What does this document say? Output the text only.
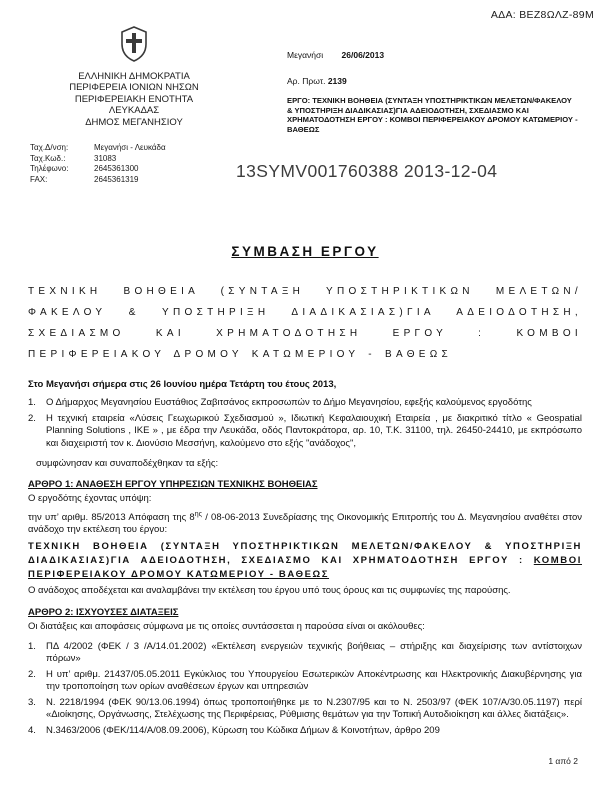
ΑΔΑ: ΒΕΖ8ΩΛΖ-89Μ
ΕΛΛΗΝΙΚΗ ΔΗΜΟΚΡΑΤΙΑ
ΠΕΡΙΦΕΡΕΙΑ ΙΟΝΙΩΝ ΝΗΣΩΝ
ΠΕΡΙΦΕΡΕΙΑΚΗ ΕΝΟΤΗΤΑ
ΛΕΥΚΑΔΑΣ
ΔΗΜΟΣ ΜΕΓΑΝΗΣΙΟΥ
Ταχ.Δ/νση:	Μεγανήσι - Λευκάδα
Ταχ.Κωδ.:	31083
Τηλέφωνο:	2645361300
FAX:	2645361319
Μεγανήσι 26/06/2013
Αρ. Πρωτ. 2139
ΕΡΓΟ: ΤΕΧΝΙΚΗ ΒΟΗΘΕΙΑ (ΣΥΝΤΑΞΗ ΥΠΟΣΤΗΡΙΚΤΙΚΩΝ ΜΕΛΕΤΩΝ/ΦΑΚΕΛΟΥ & ΥΠΟΣΤΗΡΙΞΗ ΔΙΑΔΙΚΑΣΙΑΣ)ΓΙΑ ΑΔΕΙΟΔΟΤΗΣΗ, ΣΧΕΔΙΑΣΜΟ ΚΑΙ ΧΡΗΜΑΤΟΔΟΤΗΣΗ ΕΡΓΟΥ : ΚΟΜΒΟΙ ΠΕΡΙΦΕΡΕΙΑΚΟΥ ΔΡΟΜΟΥ ΚΑΤΩΜΕΡΙΟΥ - ΒΑΘΕΩΣ
13SYMV001760388 2013-12-04
ΣΥΜΒΑΣΗ ΕΡΓΟΥ
ΤΕΧΝΙΚΗ ΒΟΗΘΕΙΑ (ΣΥΝΤΑΞΗ ΥΠΟΣΤΗΡΙΚΤΙΚΩΝ ΜΕΛΕΤΩΝ/ΦΑΚΕΛΟΥ & ΥΠΟΣΤΗΡΙΞΗ ΔΙΑΔΙΚΑΣΙΑΣ)ΓΙΑ ΑΔΕΙΟΔΟΤΗΣΗ, ΣΧΕΔΙΑΣΜΟ ΚΑΙ ΧΡΗΜΑΤΟΔΟΤΗΣΗ ΕΡΓΟΥ : ΚΟΜΒΟΙ ΠΕΡΙΦΕΡΕΙΑΚΟΥ ΔΡΟΜΟΥ ΚΑΤΩΜΕΡΙΟΥ - ΒΑΘΕΩΣ
Στο Μεγανήσι σήμερα στις 26 Ιουνίου ημέρα Τετάρτη του έτους 2013,
1.	Ο Δήμαρχος Μεγανησίου Ευστάθιος Ζαβιτσάνος εκπροσωπών το Δήμο Μεγανησίου, εφεξής καλούμενος εργοδότης
2.	Η τεχνική εταιρεία «Λύσεις Γεωχωρικού Σχεδιασμού », Ιδιωτική Κεφαλαιουχική Εταιρεία , με διακριτικό τίτλο « Geospatial Planning Solutions , ΙΚΕ » , με έδρα την Λευκάδα, οδός Παντοκράτορα, αρ. 10, Τ.Κ. 31100, τηλ. 26450-24410, με εκπρόσωπο και διαχειριστή τον κ. Διονύσιο Μεσσήνη, καλούμενο στο εξής "ανάδοχος",
συμφώνησαν και συναποδέχθηκαν τα εξής:
ΑΡΘΡΟ 1: ΑΝΑΘΕΣΗ ΕΡΓΟΥ ΥΠΗΡΕΣΙΩΝ ΤΕΧΝΙΚΗΣ ΒΟΗΘΕΙΑΣ
Ο εργοδότης έχοντας υπόψη:
την υπ’ αριθμ. 85/2013 Απόφαση της $8^{\eta\varsigma} / 08-06-2013$ Συνεδρίασης της Οικονομικής Επιτροπής του Δ. Μεγανησίου αναθέτει στον ανάδοχο την εκτέλεση του έργου:
ΤΕΧΝΙΚΗ ΒΟΗΘΕΙΑ (ΣΥΝΤΑΞΗ ΥΠΟΣΤΗΡΙΚΤΙΚΩΝ ΜΕΛΕΤΩΝ/ΦΑΚΕΛΟΥ & ΥΠΟΣΤΗΡΙΞΗ ΔΙΑΔΙΚΑΣΙΑΣ)ΓΙΑ ΑΔΕΙΟΔΟΤΗΣΗ, ΣΧΕΔΙΑΣΜΟ ΚΑΙ ΧΡΗΜΑΤΟΔΟΤΗΣΗ ΕΡΓΟΥ : ΚΟΜΒΟΙ ΠΕΡΙΦΕΡΕΙΑΚΟΥ ΔΡΟΜΟΥ ΚΑΤΩΜΕΡΙΟΥ - ΒΑΘΕΩΣ
Ο ανάδοχος αποδέχεται και αναλαμβάνει την εκτέλεση του έργου υπό τους όρους και τις συμφωνίες της παρούσης.
ΑΡΘΡΟ 2: ΙΣΧΥΟΥΣΕΣ ΔΙΑΤΑΞΕΙΣ
Οι διατάξεις και αποφάσεις σύμφωνα με τις οποίες συντάσσεται η παρούσα είναι οι ακόλουθες:
1.	ΠΔ 4/2002 (ΦΕΚ / 3 /Α/14.01.2002) «Εκτέλεση ενεργειών τεχνικής βοήθειας – στήριξης και διαχείρισης των αντίστοιχων πόρων»
2.	Η υπ’ αριθμ. 21437/05.05.2011 Εγκύκλιος του Υπουργείου Εσωτερικών Αποκέντρωσης και Ηλεκτρονικής Διακυβέρνησης για την τροποποίηση των ορίων αναθέσεων έργων και υπηρεσιών
3.	Ν. 2218/1994 (ΦΕΚ 90/13.06.1994) όπως τροποποιήθηκε με το Ν.2307/95 και το Ν. 2503/97 (ΦΕΚ 107/Α/30.05.1197) περί «Διοίκησης, Οργάνωσης, Στελέχωσης της Περιφέρειας, Ρύθμισης θεμάτων για την Τοπική Αυτοδιοίκηση και άλλες διατάξεις».
4.	Ν.3463/2006 (ΦΕΚ/114/Α/08.09.2006), Κύρωση του Κώδικα Δήμων & Κοινοτήτων, άρθρο 209
1 από 2
